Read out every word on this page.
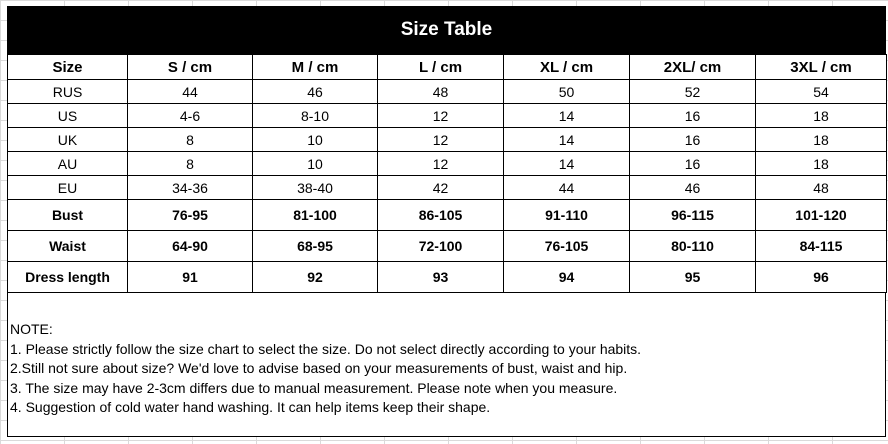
Size Table
Size	S / cm	M / cm	L / cm	XL / cm	2XL/ cm	3XL / cm
RUS	44	46	48	50	52	54
US	4-6	8-10	12	14	16	18
UK	8	10	12	14	16	18
AU	8	10	12	14	16	18
EU	34-36	38-40	42	44	46	48
Bust	76-95	81-100	86-105	91-110	96-115	101-120
Waist	64-90	68-95	72-100	76-105	80-110	84-115
Dress length	91	92	93	94	95	96
NOTE:
1. Please strictly follow the size chart to select the size. Do not select directly according to your habits.
2.Still not sure about size? We'd love to advise based on your measurements of bust, waist and hip.
3. The size may have 2-3cm differs due to manual measurement. Please note when you measure.
4. Suggestion of cold water hand washing. It can help items keep their shape.
